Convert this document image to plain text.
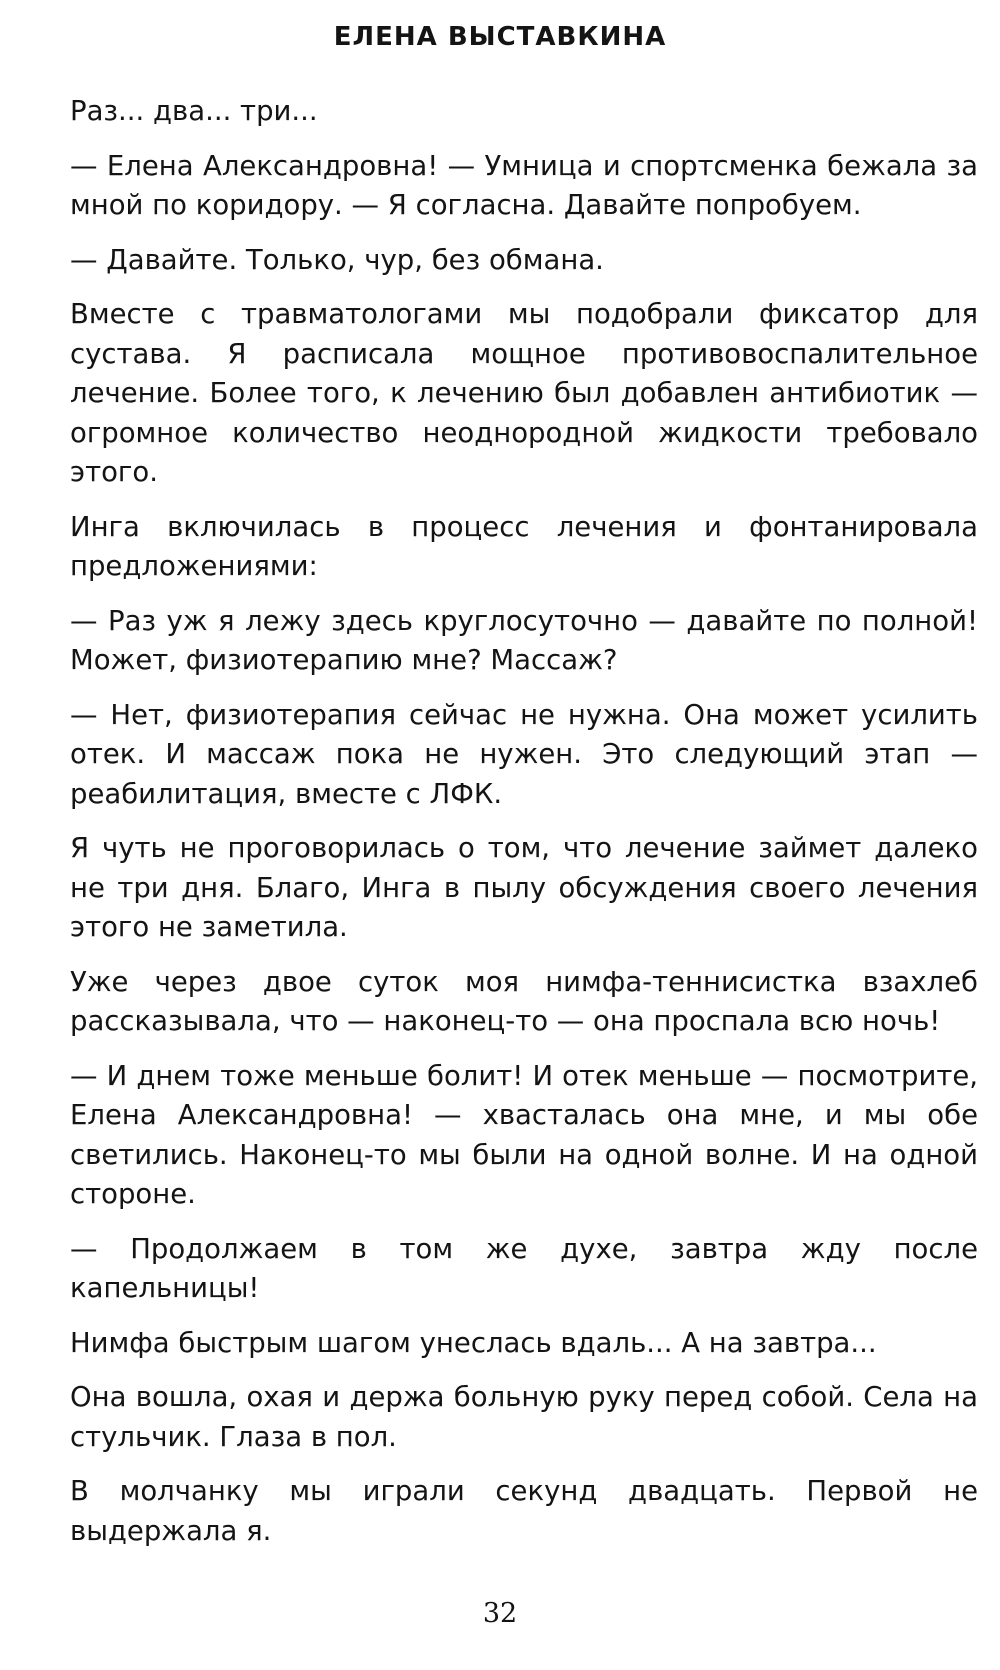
ЕЛЕНА ВЫСТАВКИНА

Раз... два... три...

— Елена Александровна! — Умница и спортсменка бежала за мной по коридору. — Я согласна. Давайте попробуем.

— Давайте. Только, чур, без обмана.

Вместе с травматологами мы подобрали фиксатор для сустава. Я расписала мощное противовоспалительное лечение. Более того, к лечению был добавлен антибиотик — огромное количество неоднородной жидкости требовало этого.

Инга включилась в процесс лечения и фонтанировала предложениями:

— Раз уж я лежу здесь круглосуточно — давайте по полной! Может, физиотерапию мне? Массаж?

— Нет, физиотерапия сейчас не нужна. Она может усилить отек. И массаж пока не нужен. Это следующий этап — реабилитация, вместе с ЛФК.

Я чуть не проговорилась о том, что лечение займет далеко не три дня. Благо, Инга в пылу обсуждения своего лечения этого не заметила.

Уже через двое суток моя нимфа-теннисистка взахлеб рассказывала, что — наконец-то — она проспала всю ночь!

— И днем тоже меньше болит! И отек меньше — посмотрите, Елена Александровна! — хвасталась она мне, и мы обе светились. Наконец-то мы были на одной волне. И на одной стороне.

— Продолжаем в том же духе, завтра жду после капельницы!

Нимфа быстрым шагом унеслась вдаль... А на завтра...

Она вошла, охая и держа больную руку перед собой. Села на стульчик. Глаза в пол.

В молчанку мы играли секунд двадцать. Первой не выдержала я.

32
